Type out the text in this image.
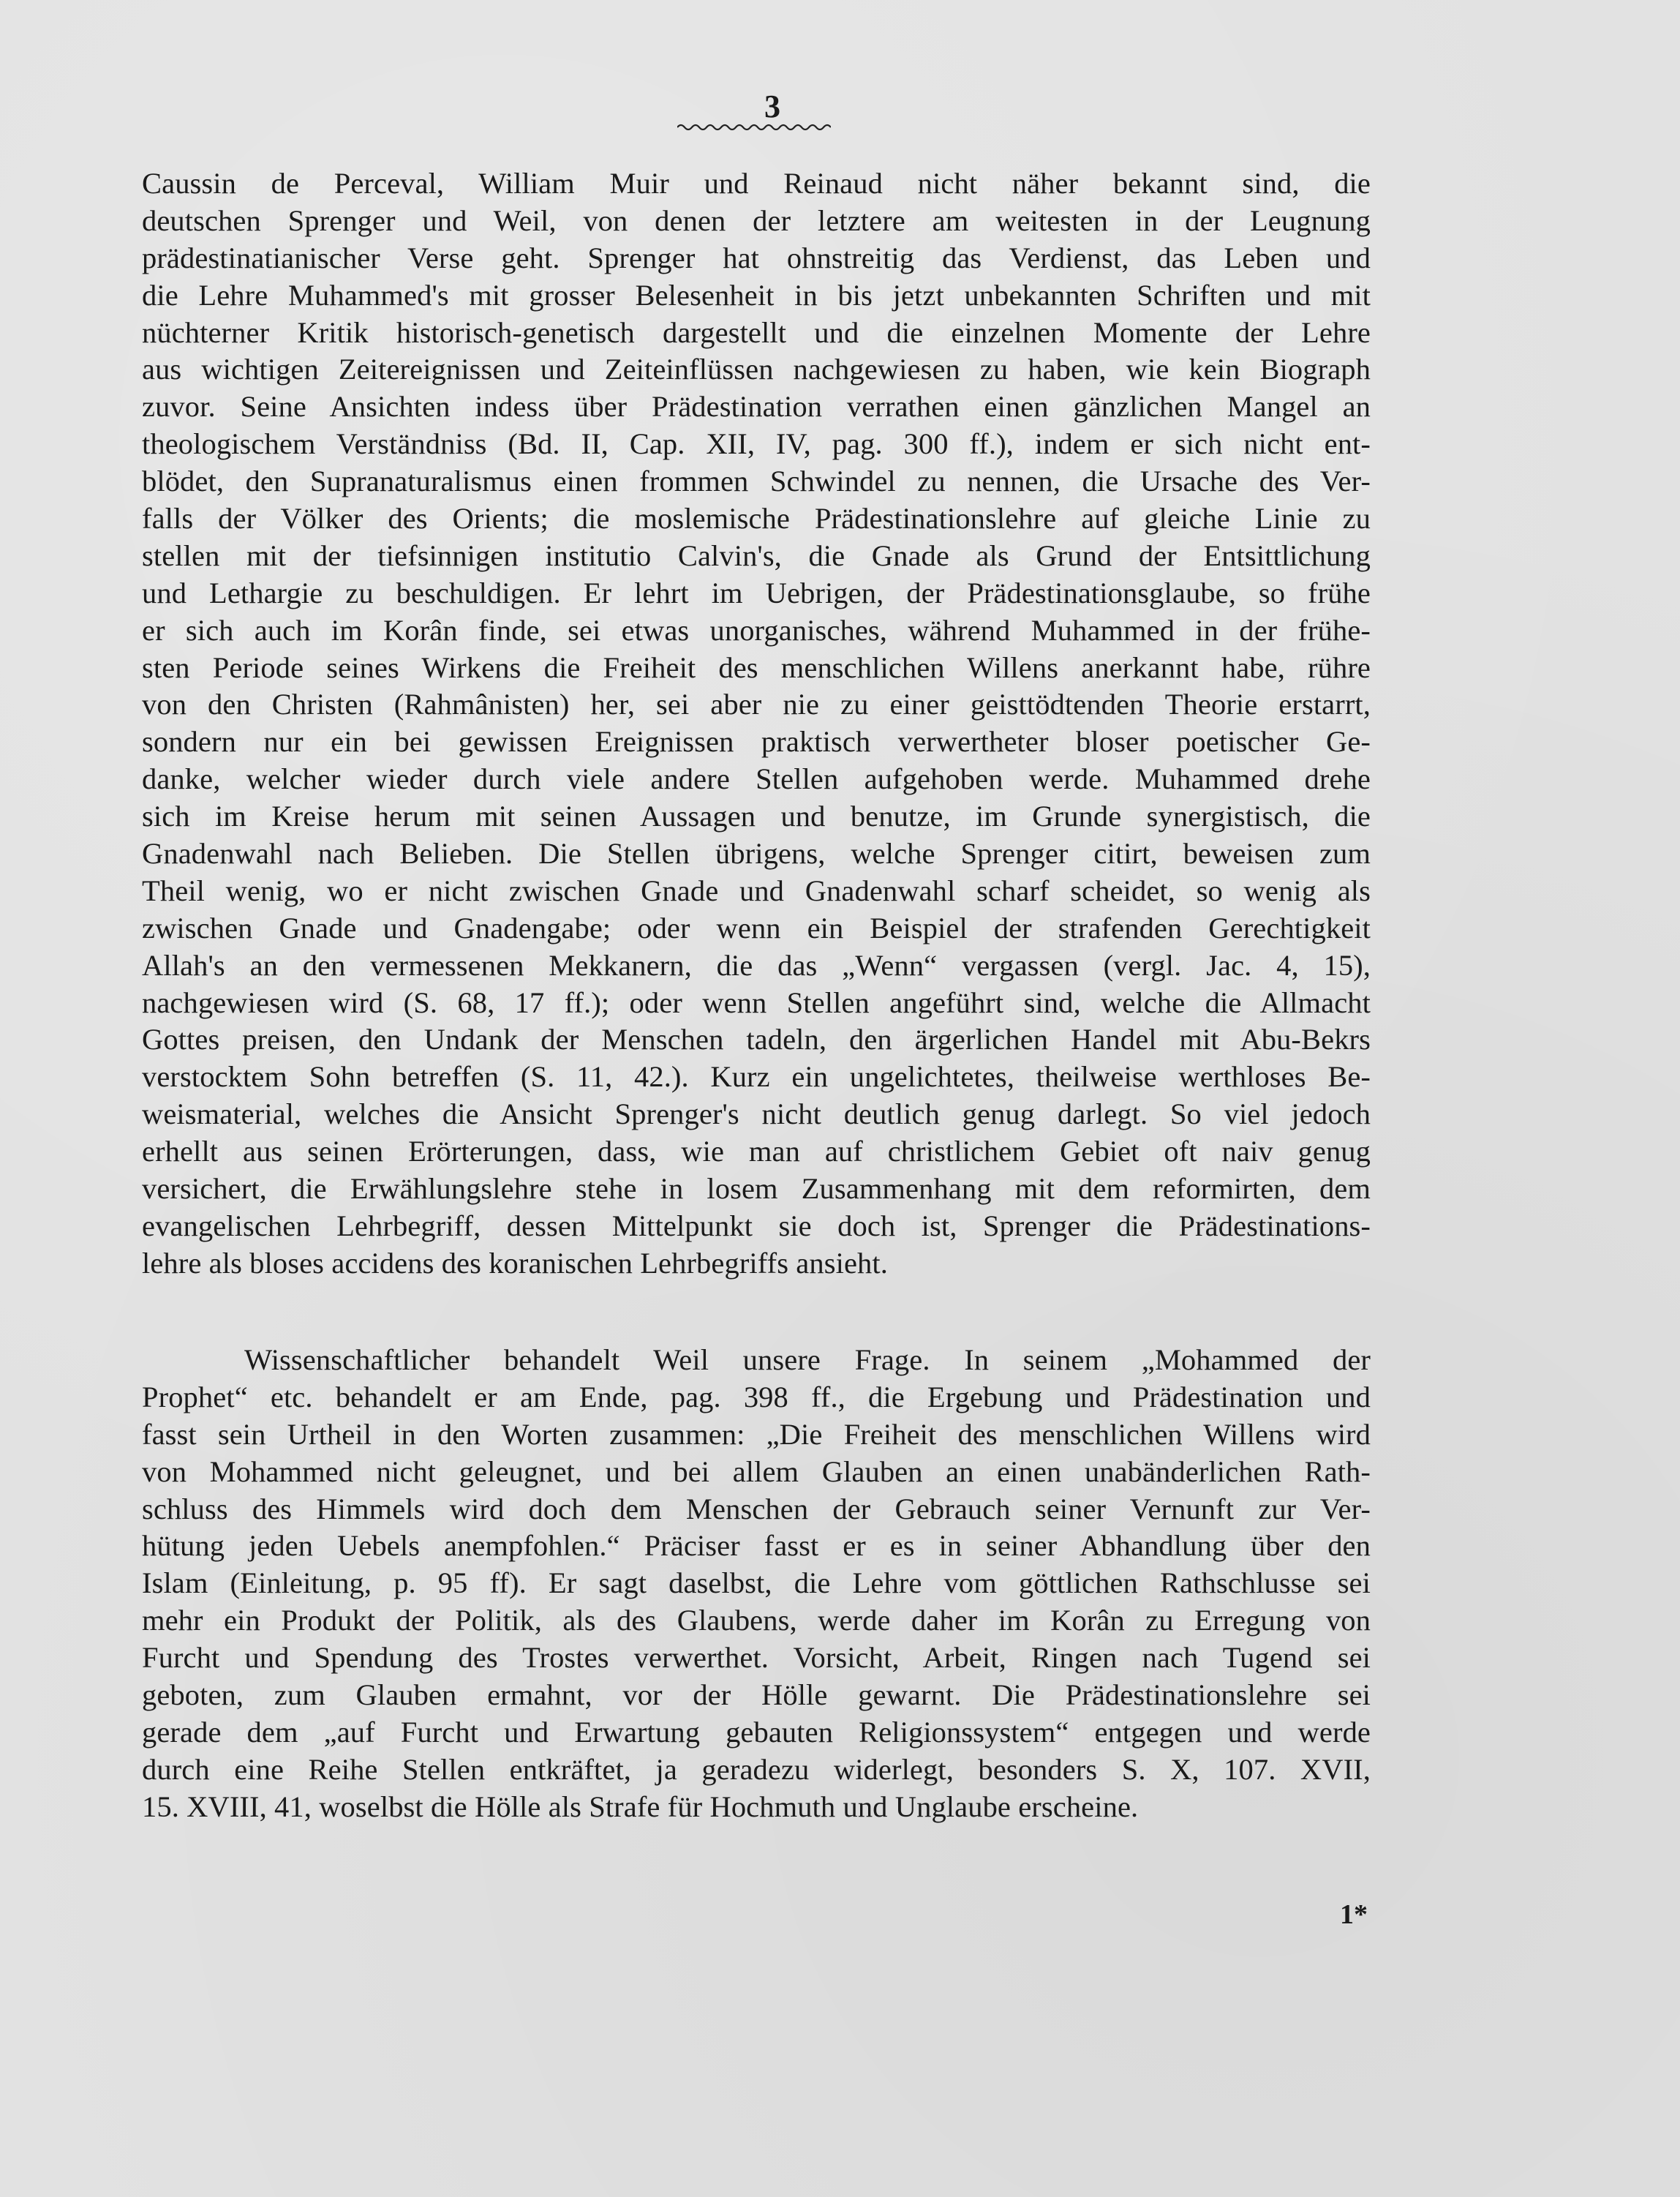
3
Caussin de Perceval, William Muir und Reinaud nicht näher bekannt sind, die
deutschen Sprenger und Weil, von denen der letztere am weitesten in der Leugnung
prädestinatianischer Verse geht. Sprenger hat ohnstreitig das Verdienst, das Leben und
die Lehre Muhammed's mit grosser Belesenheit in bis jetzt unbekannten Schriften und mit
nüchterner Kritik historisch-genetisch dargestellt und die einzelnen Momente der Lehre
aus wichtigen Zeitereignissen und Zeiteinflüssen nachgewiesen zu haben, wie kein Biograph
zuvor. Seine Ansichten indess über Prädestination verrathen einen gänzlichen Mangel an
theologischem Verständniss (Bd. II, Cap. XII, IV, pag. 300 ff.), indem er sich nicht ent-
blödet, den Supranaturalismus einen frommen Schwindel zu nennen, die Ursache des Ver-
falls der Völker des Orients; die moslemische Prädestinationslehre auf gleiche Linie zu
stellen mit der tiefsinnigen institutio Calvin's, die Gnade als Grund der Entsittlichung
und Lethargie zu beschuldigen. Er lehrt im Uebrigen, der Prädestinationsglaube, so frühe
er sich auch im Korân finde, sei etwas unorganisches, während Muhammed in der frühe-
sten Periode seines Wirkens die Freiheit des menschlichen Willens anerkannt habe, rühre
von den Christen (Rahmânisten) her, sei aber nie zu einer geisttödtenden Theorie erstarrt,
sondern nur ein bei gewissen Ereignissen praktisch verwertheter bloser poetischer Ge-
danke, welcher wieder durch viele andere Stellen aufgehoben werde. Muhammed drehe
sich im Kreise herum mit seinen Aussagen und benutze, im Grunde synergistisch, die
Gnadenwahl nach Belieben. Die Stellen übrigens, welche Sprenger citirt, beweisen zum
Theil wenig, wo er nicht zwischen Gnade und Gnadenwahl scharf scheidet, so wenig als
zwischen Gnade und Gnadengabe; oder wenn ein Beispiel der strafenden Gerechtigkeit
Allah's an den vermessenen Mekkanern, die das „Wenn“ vergassen (vergl. Jac. 4, 15),
nachgewiesen wird (S. 68, 17 ff.); oder wenn Stellen angeführt sind, welche die Allmacht
Gottes preisen, den Undank der Menschen tadeln, den ärgerlichen Handel mit Abu-Bekrs
verstocktem Sohn betreffen (S. 11, 42.). Kurz ein ungelichtetes, theilweise werthloses Be-
weismaterial, welches die Ansicht Sprenger's nicht deutlich genug darlegt. So viel jedoch
erhellt aus seinen Erörterungen, dass, wie man auf christlichem Gebiet oft naiv genug
versichert, die Erwählungslehre stehe in losem Zusammenhang mit dem reformirten, dem
evangelischen Lehrbegriff, dessen Mittelpunkt sie doch ist, Sprenger die Prädestinations-
lehre als bloses accidens des koranischen Lehrbegriffs ansieht.
Wissenschaftlicher behandelt Weil unsere Frage. In seinem „Mohammed der
Prophet“ etc. behandelt er am Ende, pag. 398 ff., die Ergebung und Prädestination und
fasst sein Urtheil in den Worten zusammen: „Die Freiheit des menschlichen Willens wird
von Mohammed nicht geleugnet, und bei allem Glauben an einen unabänderlichen Rath-
schluss des Himmels wird doch dem Menschen der Gebrauch seiner Vernunft zur Ver-
hütung jeden Uebels anempfohlen.“ Präciser fasst er es in seiner Abhandlung über den
Islam (Einleitung, p. 95 ff). Er sagt daselbst, die Lehre vom göttlichen Rathschlusse sei
mehr ein Produkt der Politik, als des Glaubens, werde daher im Korân zu Erregung von
Furcht und Spendung des Trostes verwerthet. Vorsicht, Arbeit, Ringen nach Tugend sei
geboten, zum Glauben ermahnt, vor der Hölle gewarnt. Die Prädestinationslehre sei
gerade dem „auf Furcht und Erwartung gebauten Religionssystem“ entgegen und werde
durch eine Reihe Stellen entkräftet, ja geradezu widerlegt, besonders S. X, 107. XVII,
15. XVIII, 41, woselbst die Hölle als Strafe für Hochmuth und Unglaube erscheine.
1*
